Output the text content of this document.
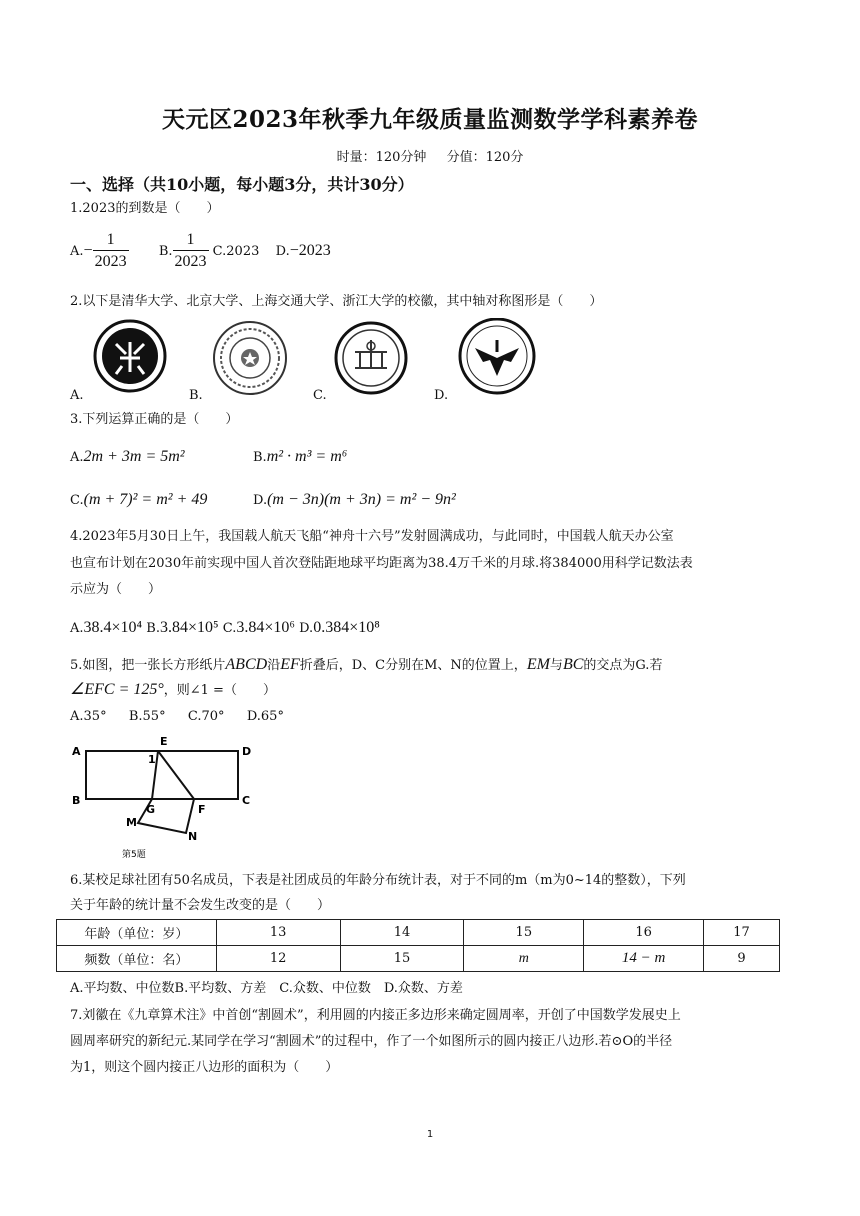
天元区2023年秋季九年级质量监测数学学科素养卷
时量：120分钟 分值：120分
一、选择（共10小题，每小题3分，共计30分）
1.2023的到数是（　　）
$A.- \frac{1}{2023} B$. $\frac{1}{2023} C.2023$ D.−2023
2.以下是清华大学、北京大学、上海交通大学、浙江大学的校徽，其中轴对称图形是（　　）
A.	B.	C.	D.
3.下列运算正确的是（　　）
A.2m + 3m = 5m²	B.m² · m³ = m⁶
C.(m + 7)² = m² + 49	D.(m − 3n)(m + 3n) = m² − 9n²
4.2023年5月30日上午，我国载人航天飞船“神舟十六号”发射圆满成功，与此同时，中国载人航天办公室
也宣布计划在2030年前实现中国人首次登陆距地球平均距离为38.4万千米的月球.将384000用科学记数法表
示应为（　　）
A.38.4×10⁴ B.3.84×10⁵ C.3.84×10⁶ D.0.384×10⁸
5.如图，把一张长方形纸片ABCD沿EF折叠后，D、C分别在M、N的位置上，EM与BC的交点为G.若
∠EFC = 125°，则∠1 =（　　）
A.35° B.55° C.70° D.65°
A	D
B	C
E
F
G
M
N
1
第5题
6.某校足球社团有50名成员，下表是社团成员的年龄分布统计表，对于不同的m（m为0~14的整数），下列
关于年龄的统计量不会发生改变的是（　　）
年龄（单位：岁）	13	14	15	16	17
频数（单位：名）	12	15	m	14 − m	9
A.平均数、中位数B.平均数、方差　C.众数、中位数　D.众数、方差
7.刘徽在《九章算术注》中首创“割圆术”，利用圆的内接正多边形来确定圆周率，开创了中国数学发展史上
圆周率研究的新纪元.某同学在学习“割圆术”的过程中，作了一个如图所示的圆内接正八边形.若⊙O的半径
为1，则这个圆内接正八边形的面积为（　　）
1
